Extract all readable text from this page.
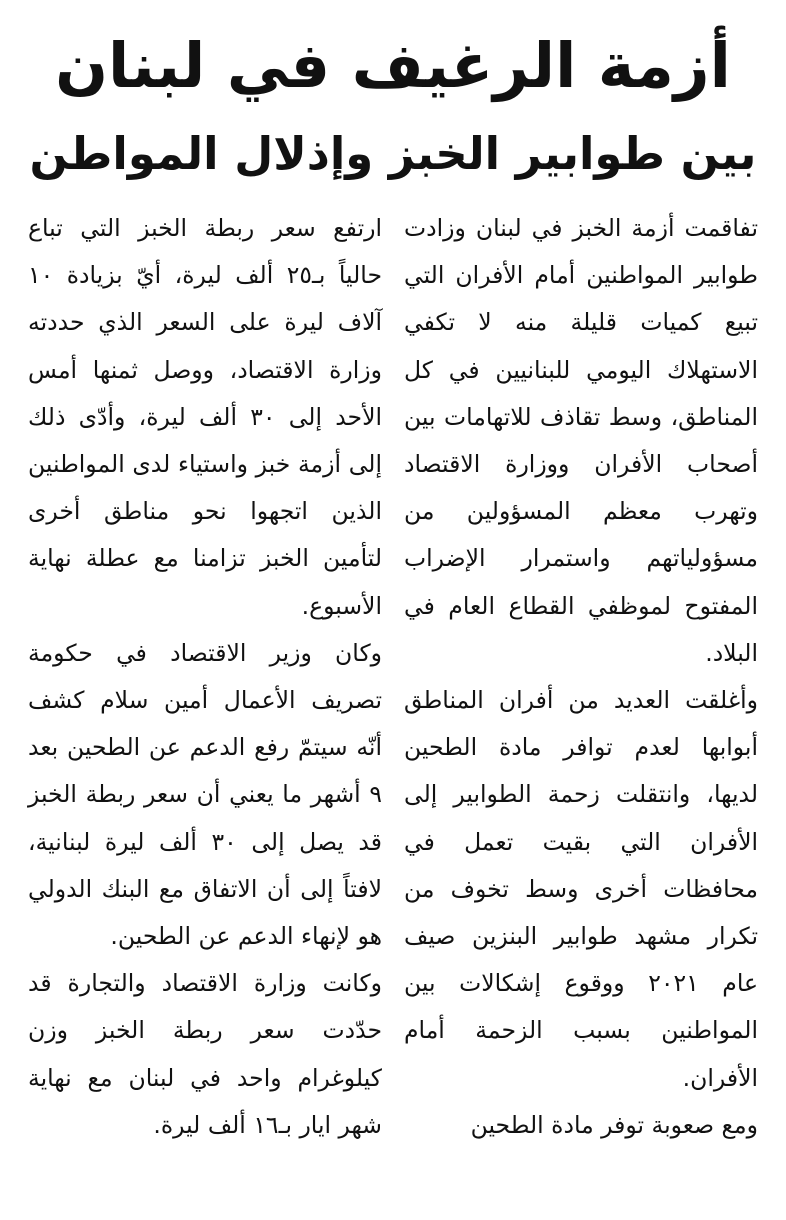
أزمة الرغيف في لبنان
بين طوابير الخبز وإذلال المواطن

تفاقمت أزمة الخبز في لبنان وزادت طوابير المواطنين أمام الأفران التي تبيع كميات قليلة منه لا تكفي الاستهلاك اليومي للبنانيين في كل المناطق، وسط تقاذف للاتهامات بين أصحاب الأفران ووزارة الاقتصاد وتهرب معظم المسؤولين من مسؤولياتهم واستمرار الإضراب المفتوح لموظفي القطاع العام في البلاد.

وأغلقت العديد من أفران المناطق أبوابها لعدم توافر مادة الطحين لديها، وانتقلت زحمة الطوابير إلى الأفران التي بقيت تعمل في محافظات أخرى وسط تخوف من تكرار مشهد طوابير البنزين صيف عام ٢٠٢١ ووقوع إشكالات بين المواطنين بسبب الزحمة أمام الأفران.

ومع صعوبة توفر مادة الطحين

ارتفع سعر ربطة الخبز التي تباع حالياً بـ٢٥ ألف ليرة، أيّ بزيادة ١٠ آلاف ليرة على السعر الذي حددته وزارة الاقتصاد، ووصل ثمنها أمس الأحد إلى ٣٠ ألف ليرة، وأدّى ذلك إلى أزمة خبز واستياء لدى المواطنين الذين اتجهوا نحو مناطق أخرى لتأمين الخبز تزامنا مع عطلة نهاية الأسبوع.

وكان وزير الاقتصاد في حكومة تصريف الأعمال أمين سلام كشف أنّه سيتمّ رفع الدعم عن الطحين بعد ٩ أشهر ما يعني أن سعر ربطة الخبز قد يصل إلى ٣٠ ألف ليرة لبنانية، لافتاً إلى أن الاتفاق مع البنك الدولي هو لإنهاء الدعم عن الطحين.

وكانت وزارة الاقتصاد والتجارة قد حدّدت سعر ربطة الخبز وزن كيلوغرام واحد في لبنان مع نهاية شهر ايار بـ١٦ ألف ليرة.
